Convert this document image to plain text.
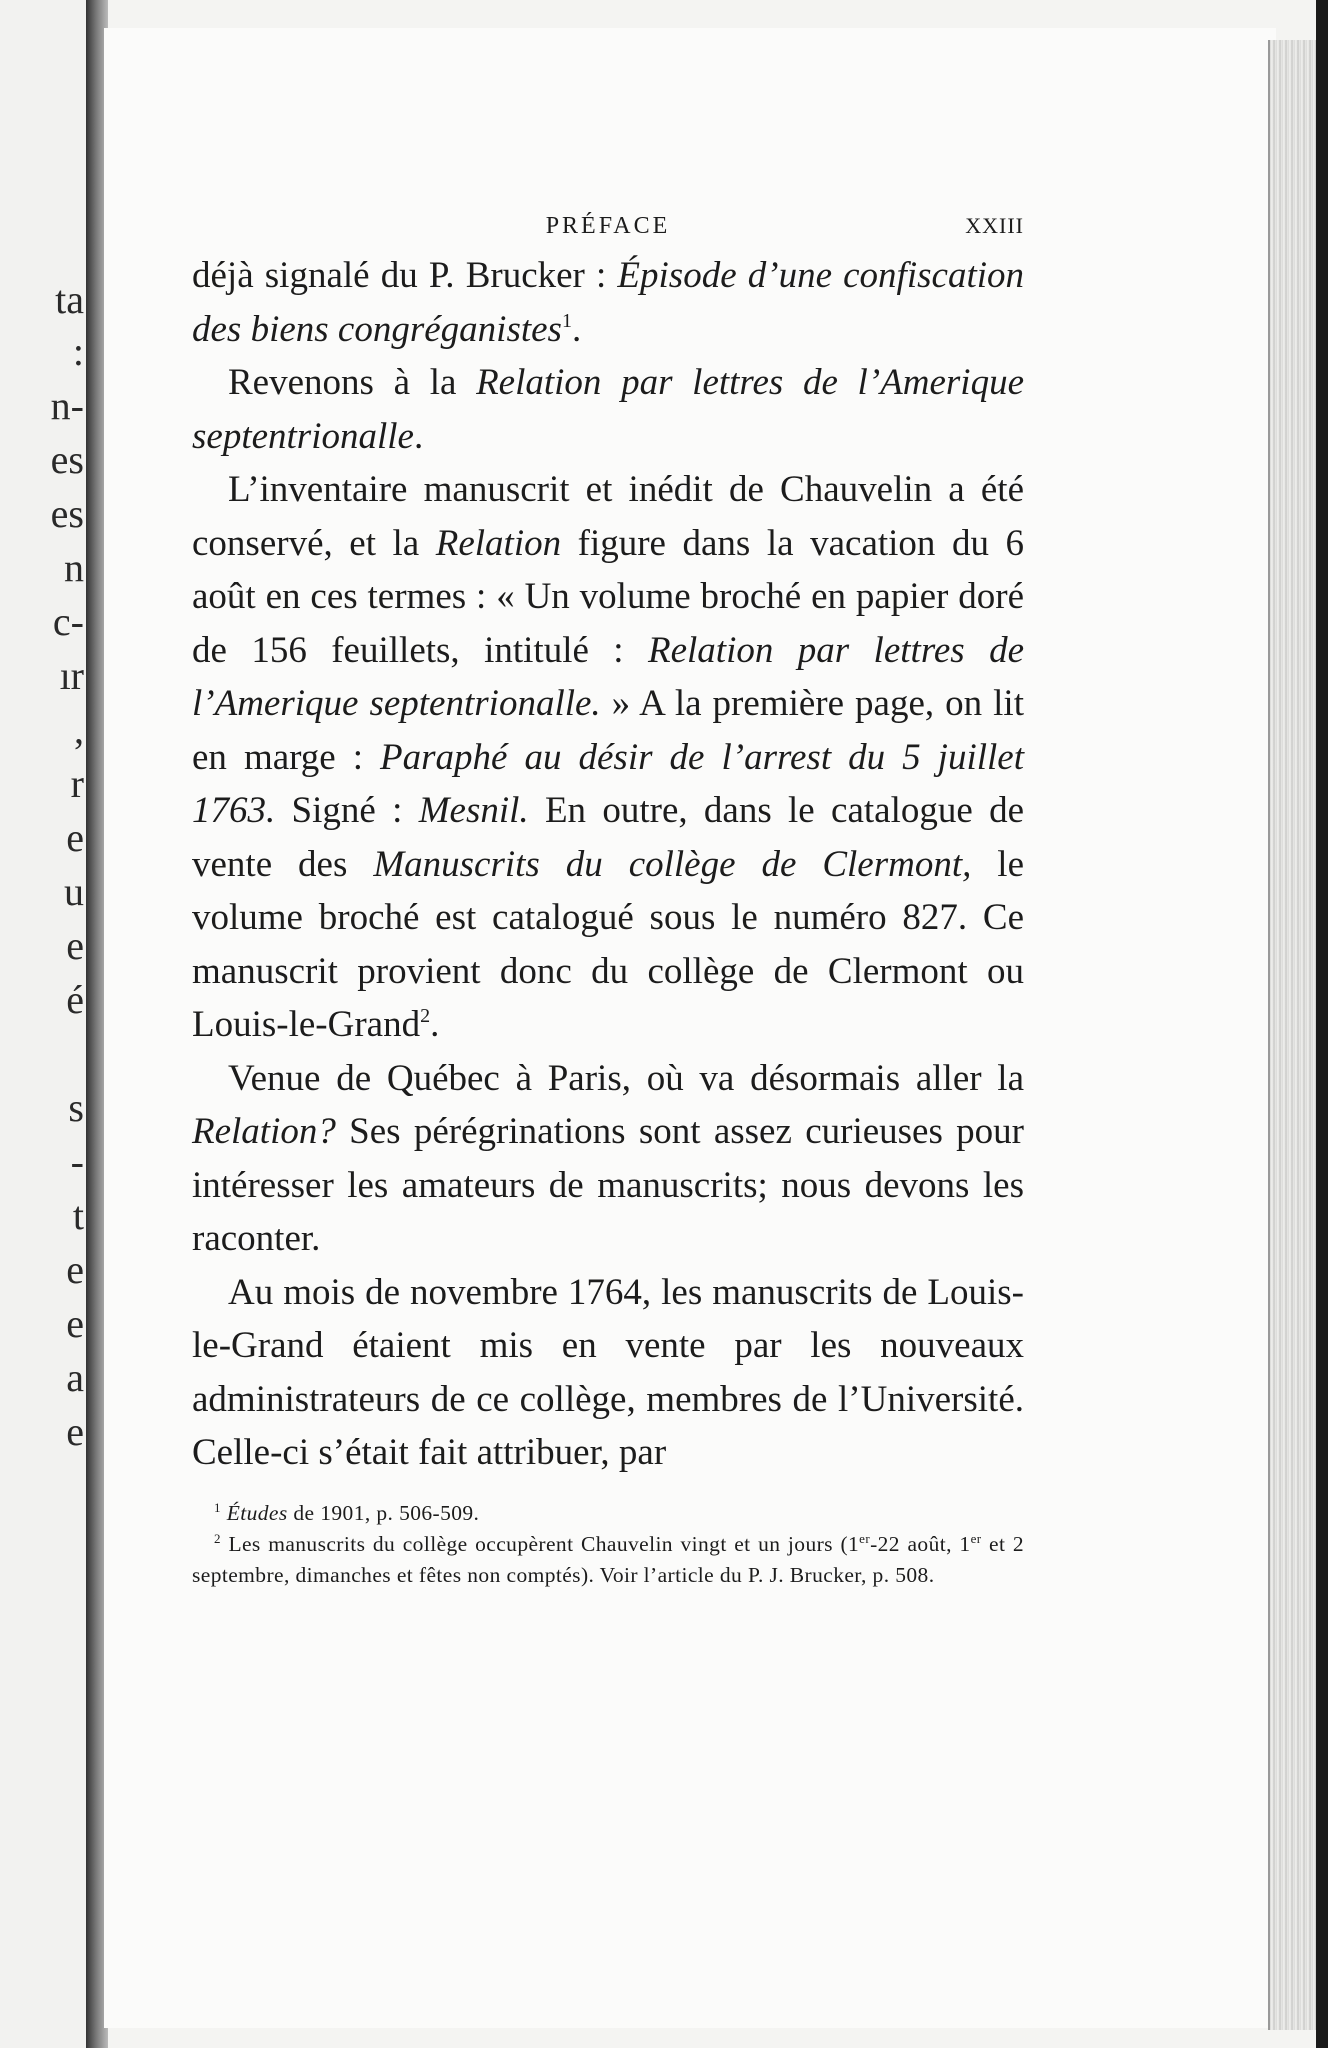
ta
:
n-
es
es
n
c-
ır
,
r
e
u
e
é
s
-
t
e
e
a
e
PRÉFACE	XXIII

déjà signalé du P. Brucker : Épisode d’une confiscation des biens congréganistes$^1$.

Revenons à la Relation par lettres de l’Amerique septentrionalle.

L’inventaire manuscrit et inédit de Chauvelin a été conservé, et la Relation figure dans la vacation du 6 août en ces termes : « Un volume broché en papier doré de 156 feuillets, intitulé : Relation par lettres de l’Amerique septentrionalle. » A la première page, on lit en marge : Paraphé au désir de l’arrest du 5 juillet 1763. Signé : Mesnil. En outre, dans le catalogue de vente des Manuscrits du collège de Clermont, le volume broché est catalogué sous le numéro 827. Ce manuscrit provient donc du collège de Clermont ou Louis-le-Grand$^2$.

Venue de Québec à Paris, où va désormais aller la Relation? Ses pérégrinations sont assez curieuses pour intéresser les amateurs de manuscrits; nous devons les raconter.

Au mois de novembre 1764, les manuscrits de Louis-le-Grand étaient mis en vente par les nouveaux administrateurs de ce collège, membres de l’Université. Celle-ci s’était fait attribuer, par

$^1$ Études de 1901, p. 506-509.

$^2$ Les manuscrits du collège occupèrent Chauvelin vingt et un jours (1er-22 août, 1er et 2 septembre, dimanches et fêtes non comptés). Voir l’article du P. J. Brucker, p. 508.
